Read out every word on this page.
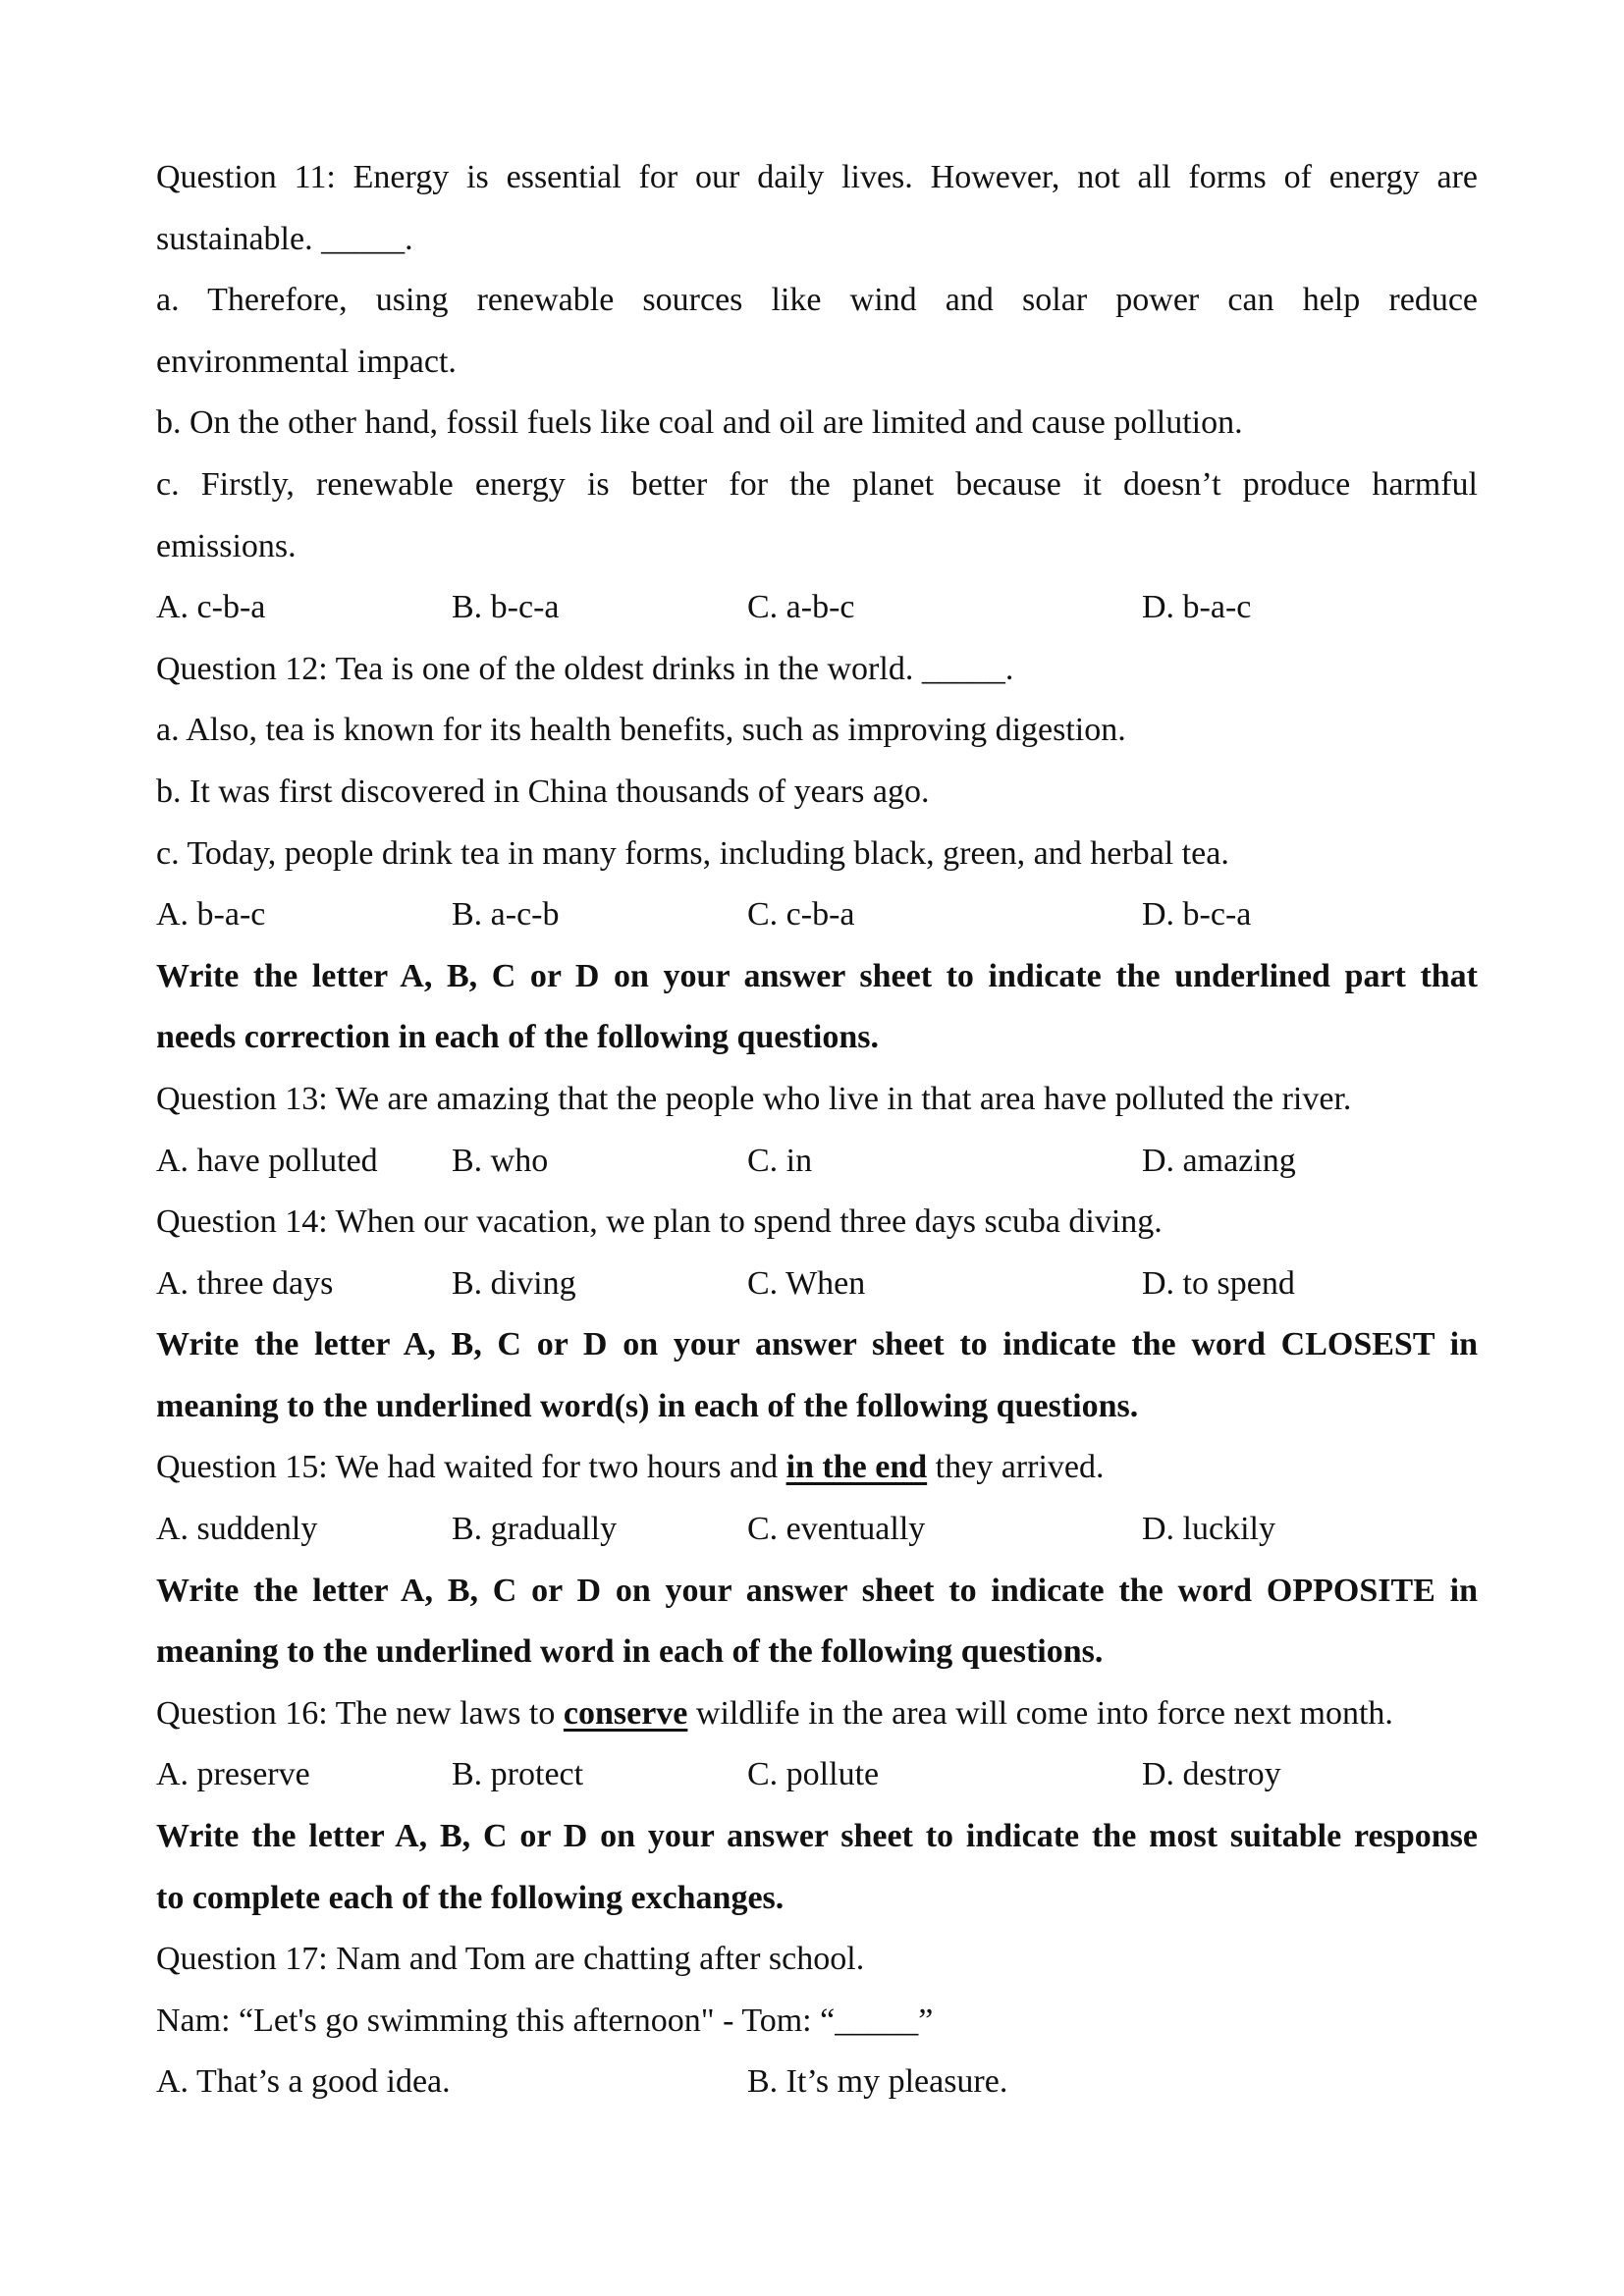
Question 11: Energy is essential for our daily lives. However, not all forms of energy are
sustainable. _____.
a. Therefore, using renewable sources like wind and solar power can help reduce
environmental impact.
b. On the other hand, fossil fuels like coal and oil are limited and cause pollution.
c. Firstly, renewable energy is better for the planet because it doesn’t produce harmful
emissions.
A. c-b-a	B. b-c-a	C. a-b-c	D. b-a-c
Question 12: Tea is one of the oldest drinks in the world. _____.
a. Also, tea is known for its health benefits, such as improving digestion.
b. It was first discovered in China thousands of years ago.
c. Today, people drink tea in many forms, including black, green, and herbal tea.
A. b-a-c	B. a-c-b	C. c-b-a	D. b-c-a
Write the letter A, B, C or D on your answer sheet to indicate the underlined part that
needs correction in each of the following questions.
Question 13: We are amazing that the people who live in that area have polluted the river.
A. have polluted B. who	C. in	D. amazing
Question 14: When our vacation, we plan to spend three days scuba diving.
A. three days	B. diving	C. When	D. to spend
Write the letter A, B, C or D on your answer sheet to indicate the word CLOSEST in
meaning to the underlined word(s) in each of the following questions.
Question 15: We had waited for two hours and in the end they arrived.
A. suddenly	B. gradually	C. eventually	D. luckily
Write the letter A, B, C or D on your answer sheet to indicate the word OPPOSITE in
meaning to the underlined word in each of the following questions.
Question 16: The new laws to conserve wildlife in the area will come into force next month.
A. preserve	B. protect	C. pollute	D. destroy
Write the letter A, B, C or D on your answer sheet to indicate the most suitable response
to complete each of the following exchanges.
Question 17: Nam and Tom are chatting after school.
Nam: “Let's go swimming this afternoon" - Tom: “_____”
A. That’s a good idea.	B. It’s my pleasure.
